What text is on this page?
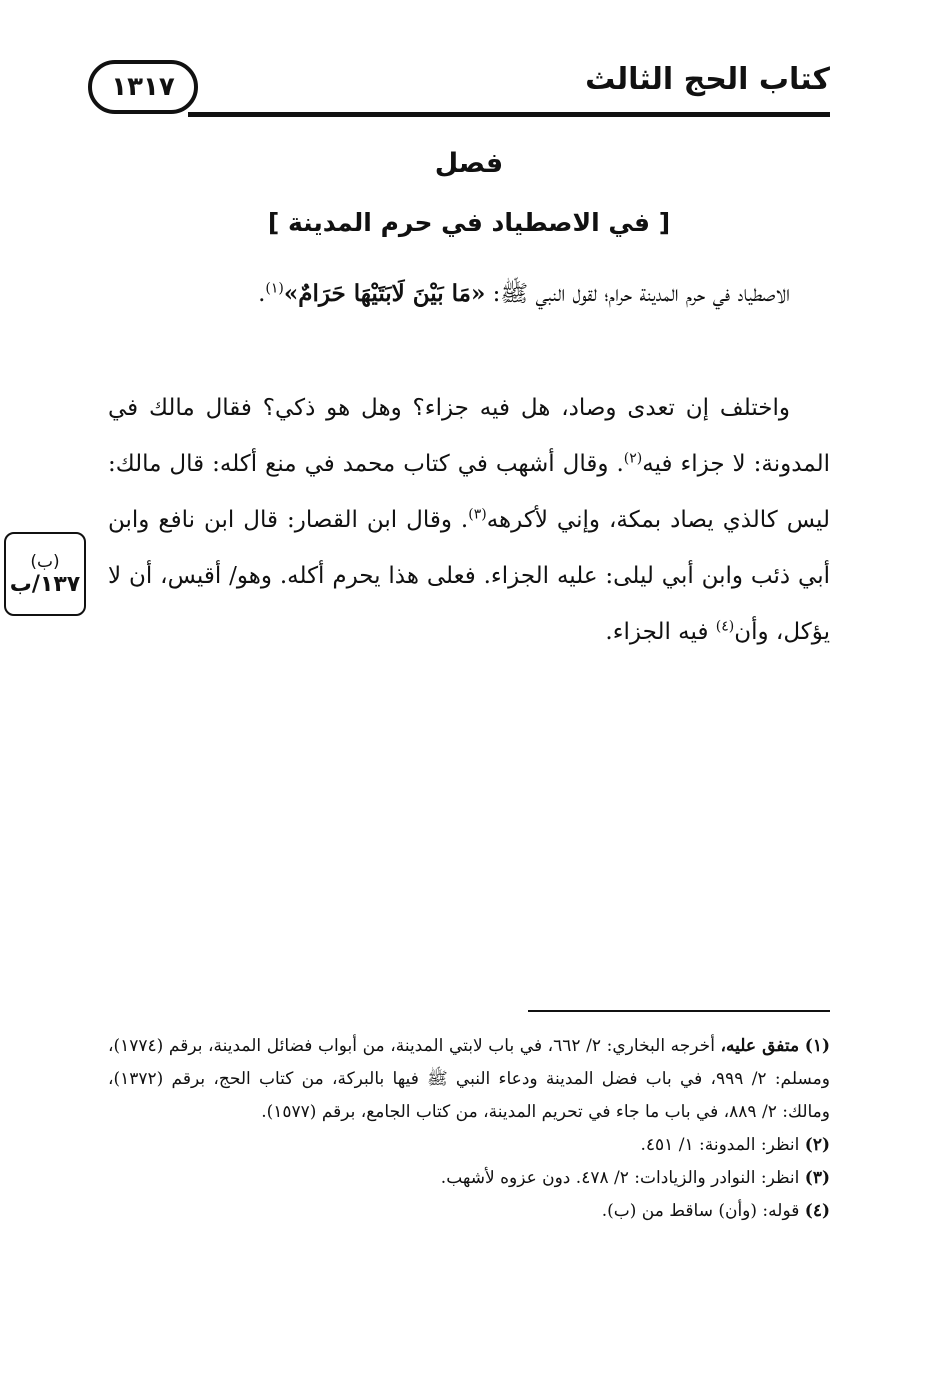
كتاب الحج الثالث
١٣١٧
فصل
[ في الاصطياد في حرم المدينة ]
الاصطياد في حرم المدينة حرام؛ لقول النبي ﷺ: «مَا بَيْنَ لَابَتَيْهَا حَرَامٌ»$^{(١)}$.
واختلف إن تعدى وصاد، هل فيه جزاء؟ وهل هو ذكي؟ فقال مالك في المدونة: لا جزاء فيه$^{(٢)}$. وقال أشهب في كتاب محمد في منع أكله: قال مالك: ليس كالذي يصاد بمكة، وإني لأكرهه$^{(٣)}$. وقال ابن القصار: قال ابن نافع وابن أبي ذئب وابن أبي ليلى: عليه الجزاء. فعلى هذا يحرم أكله. وهو/ أقيس، أن لا يؤكل، وأن$^{(٤)}$ فيه الجزاء.
(ب)
١٣٧/ب

(١) متفق عليه، أخرجه البخاري: ٢/ ٦٦٢، في باب لابتي المدينة، من أبواب فضائل المدينة، برقم (١٧٧٤)، ومسلم: ٢/ ٩٩٩، في باب فضل المدينة ودعاء النبي ﷺ فيها بالبركة، من كتاب الحج، برقم (١٣٧٢)، ومالك: ٢/ ٨٨٩، في باب ما جاء في تحريم المدينة، من كتاب الجامع، برقم (١٥٧٧).

(٢) انظر: المدونة: ١/ ٤٥١.

(٣) انظر: النوادر والزيادات: ٢/ ٤٧٨. دون عزوه لأشهب.

(٤) قوله: (وأن) ساقط من (ب).
